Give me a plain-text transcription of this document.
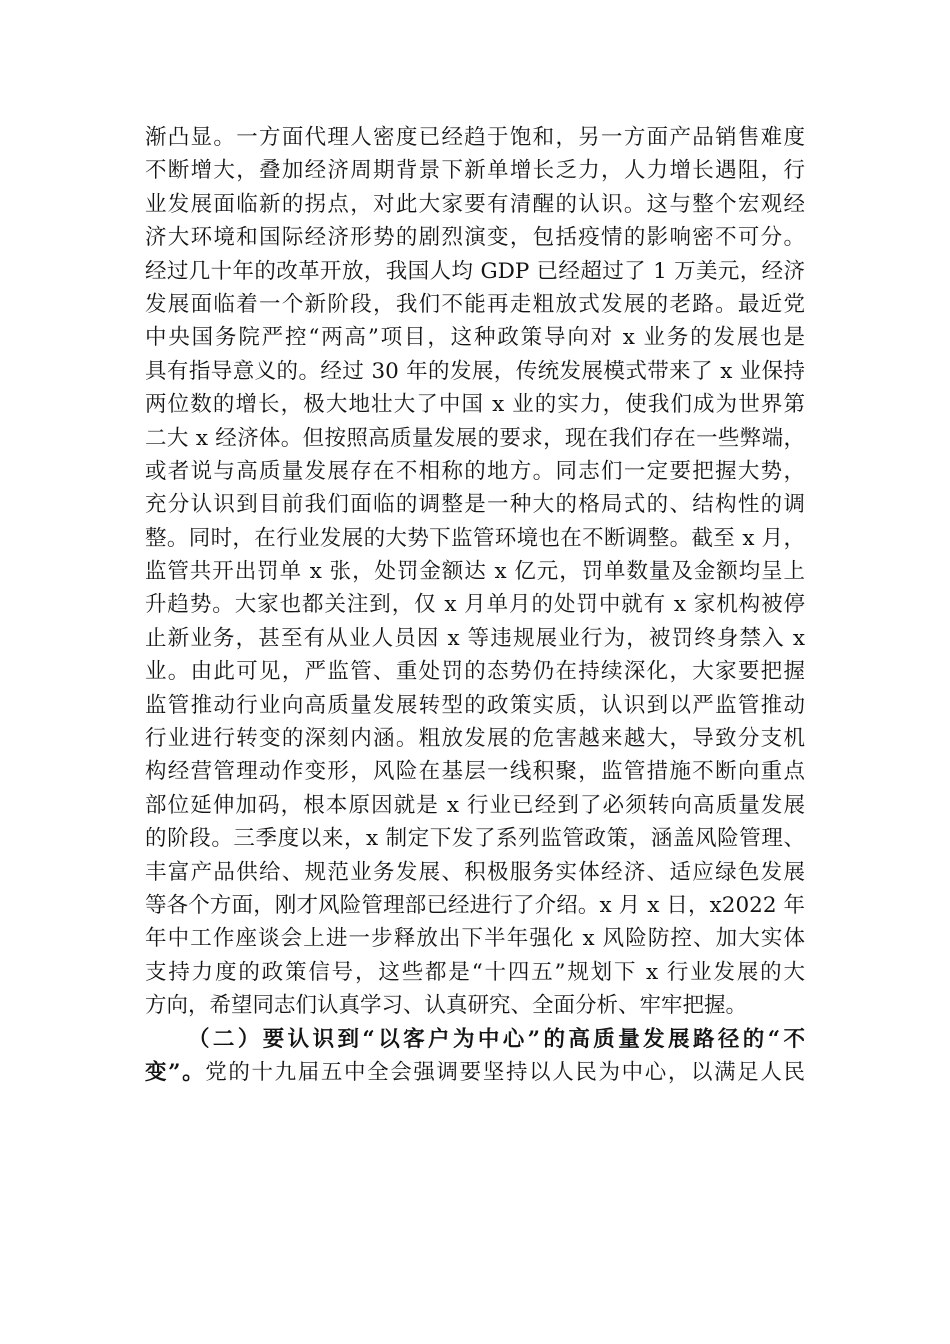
渐凸显。一方面代理人密度已经趋于饱和，另一方面产品销售难度
不断增大，叠加经济周期背景下新单增长乏力，人力增长遇阻，行
业发展面临新的拐点，对此大家要有清醒的认识。这与整个宏观经
济大环境和国际经济形势的剧烈演变，包括疫情的影响密不可分。
经过几十年的改革开放，我国人均 GDP 已经超过了 1 万美元，经济
发展面临着一个新阶段，我们不能再走粗放式发展的老路。最近党
中央国务院严控“两高”项目，这种政策导向对 x 业务的发展也是
具有指导意义的。经过 30 年的发展，传统发展模式带来了 x 业保持
两位数的增长，极大地壮大了中国 x 业的实力，使我们成为世界第
二大 x 经济体。但按照高质量发展的要求，现在我们存在一些弊端，
或者说与高质量发展存在不相称的地方。同志们一定要把握大势，
充分认识到目前我们面临的调整是一种大的格局式的、结构性的调
整。同时，在行业发展的大势下监管环境也在不断调整。截至 x 月，
监管共开出罚单 x 张，处罚金额达 x 亿元，罚单数量及金额均呈上
升趋势。大家也都关注到，仅 x 月单月的处罚中就有 x 家机构被停
止新业务，甚至有从业人员因 x 等违规展业行为，被罚终身禁入 x
业。由此可见，严监管、重处罚的态势仍在持续深化，大家要把握
监管推动行业向高质量发展转型的政策实质，认识到以严监管推动
行业进行转变的深刻内涵。粗放发展的危害越来越大，导致分支机
构经营管理动作变形，风险在基层一线积聚，监管措施不断向重点
部位延伸加码，根本原因就是 x 行业已经到了必须转向高质量发展
的阶段。三季度以来，x 制定下发了系列监管政策，涵盖风险管理、
丰富产品供给、规范业务发展、积极服务实体经济、适应绿色发展
等各个方面，刚才风险管理部已经进行了介绍。x 月 x 日，x2022 年
年中工作座谈会上进一步释放出下半年强化 x 风险防控、加大实体
支持力度的政策信号，这些都是“十四五”规划下 x 行业发展的大
方向，希望同志们认真学习、认真研究、全面分析、牢牢把握。
（二）要认识到“以客户为中心”的高质量发展路径的“不
变”。党的十九届五中全会强调要坚持以人民为中心，以满足人民
